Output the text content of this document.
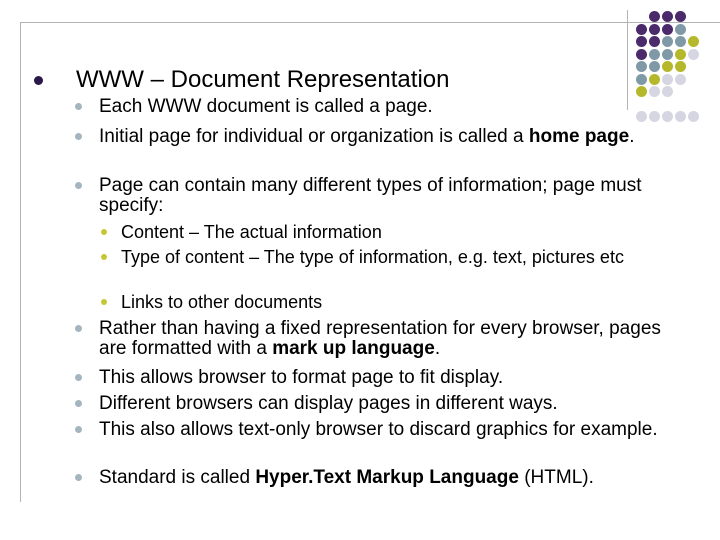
WWW – Document Representation
Each WWW document is called a page.
Initial page for individual or organization is called a home page.
Page can contain many different types of information; page must specify:
Content – The actual information
Type of content – The type of information, e.g. text, pictures etc
Links to other documents
Rather than having a fixed representation for every browser, pages are formatted with a mark up language.
This allows browser to format page to fit display.
Different browsers can display pages in different ways.
This also allows text-only browser to discard graphics for example.
Standard is called Hyper.Text Markup Language (HTML).
